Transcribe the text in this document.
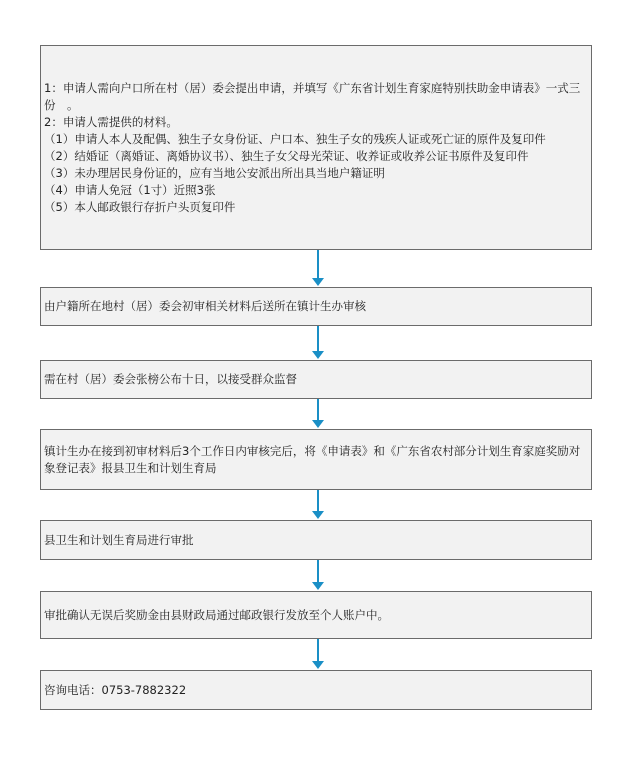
1：申请人需向户口所在村（居）委会提出申请，并填写《广东省计划生育家庭特别扶助金申请表》一式三份　。
2：申请人需提供的材料。
（1）申请人本人及配偶、独生子女身份证、户口本、独生子女的残疾人证或死亡证的原件及复印件
（2）结婚证（离婚证、离婚协议书）、独生子女父母光荣证、收养证或收养公证书原件及复印件
（3）未办理居民身份证的，应有当地公安派出所出具当地户籍证明
（4）申请人免冠（1寸）近照3张
（5）本人邮政银行存折户头页复印件
由户籍所在地村（居）委会初审相关材料后送所在镇计生办审核
需在村（居）委会张榜公布十日，以接受群众监督
镇计生办在接到初审材料后3个工作日内审核完后，将《申请表》和《广东省农村部分计划生育家庭奖励对象登记表》报县卫生和计划生育局
县卫生和计划生育局进行审批
审批确认无误后奖励金由县财政局通过邮政银行发放至个人账户中。
咨询电话：0753-7882322
